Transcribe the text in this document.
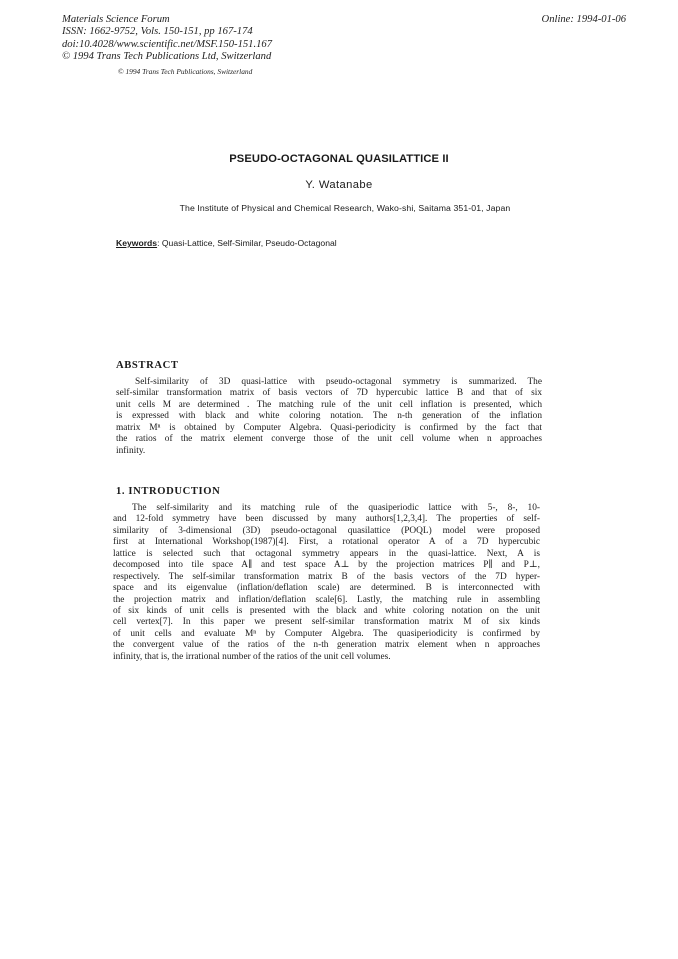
Materials Science Forum
ISSN: 1662-9752, Vols. 150-151, pp 167-174
doi:10.4028/www.scientific.net/MSF.150-151.167
© 1994 Trans Tech Publications Ltd, Switzerland
Online: 1994-01-06
© 1994 Trans Tech Publications, Switzerland
PSEUDO-OCTAGONAL QUASILATTICE II
Y. Watanabe
The Institute of Physical and Chemical Research, Wako-shi, Saitama 351-01, Japan
Keywords: Quasi-Lattice, Self-Similar, Pseudo-Octagonal
ABSTRACT
Self-similarity of 3D quasi-lattice with pseudo-octagonal symmetry is summarized. The
self-similar transformation matrix of basis vectors of 7D hypercubic lattice B and that of six
unit cells M are determined . The matching rule of the unit cell inflation is presented, which
is expressed with black and white coloring notation. The n-th generation of the inflation
matrix Mⁿ is obtained by Computer Algebra. Quasi-periodicity is confirmed by the fact that
the ratios of the matrix element converge those of the unit cell volume when n approaches
infinity.
1. INTRODUCTION
The self-similarity and its matching rule of the quasiperiodic lattice with 5-, 8-, 10-
and 12-fold symmetry have been discussed by many authors[1,2,3,4]. The properties of self-
similarity of 3-dimensional (3D) pseudo-octagonal quasilattice (POQL) model were proposed
first at International Workshop(1987)[4]. First, a rotational operator A of a 7D hypercubic
lattice is selected such that octagonal symmetry appears in the quasi-lattice. Next, A is
decomposed into tile space A∥ and test space A⊥ by the projection matrices P∥ and P⊥,
respectively. The self-similar transformation matrix B of the basis vectors of the 7D hyper-
space and its eigenvalue (inflation/deflation scale) are determined. B is interconnected with
the projection matrix and inflation/deflation scale[6]. Lastly, the matching rule in assembling
of six kinds of unit cells is presented with the black and white coloring notation on the unit
cell vertex[7]. In this paper we present self-similar transformation matrix M of six kinds
of unit cells and evaluate Mⁿ by Computer Algebra. The quasiperiodicity is confirmed by
the convergent value of the ratios of the n-th generation matrix element when n approaches
infinity, that is, the irrational number of the ratios of the unit cell volumes.
